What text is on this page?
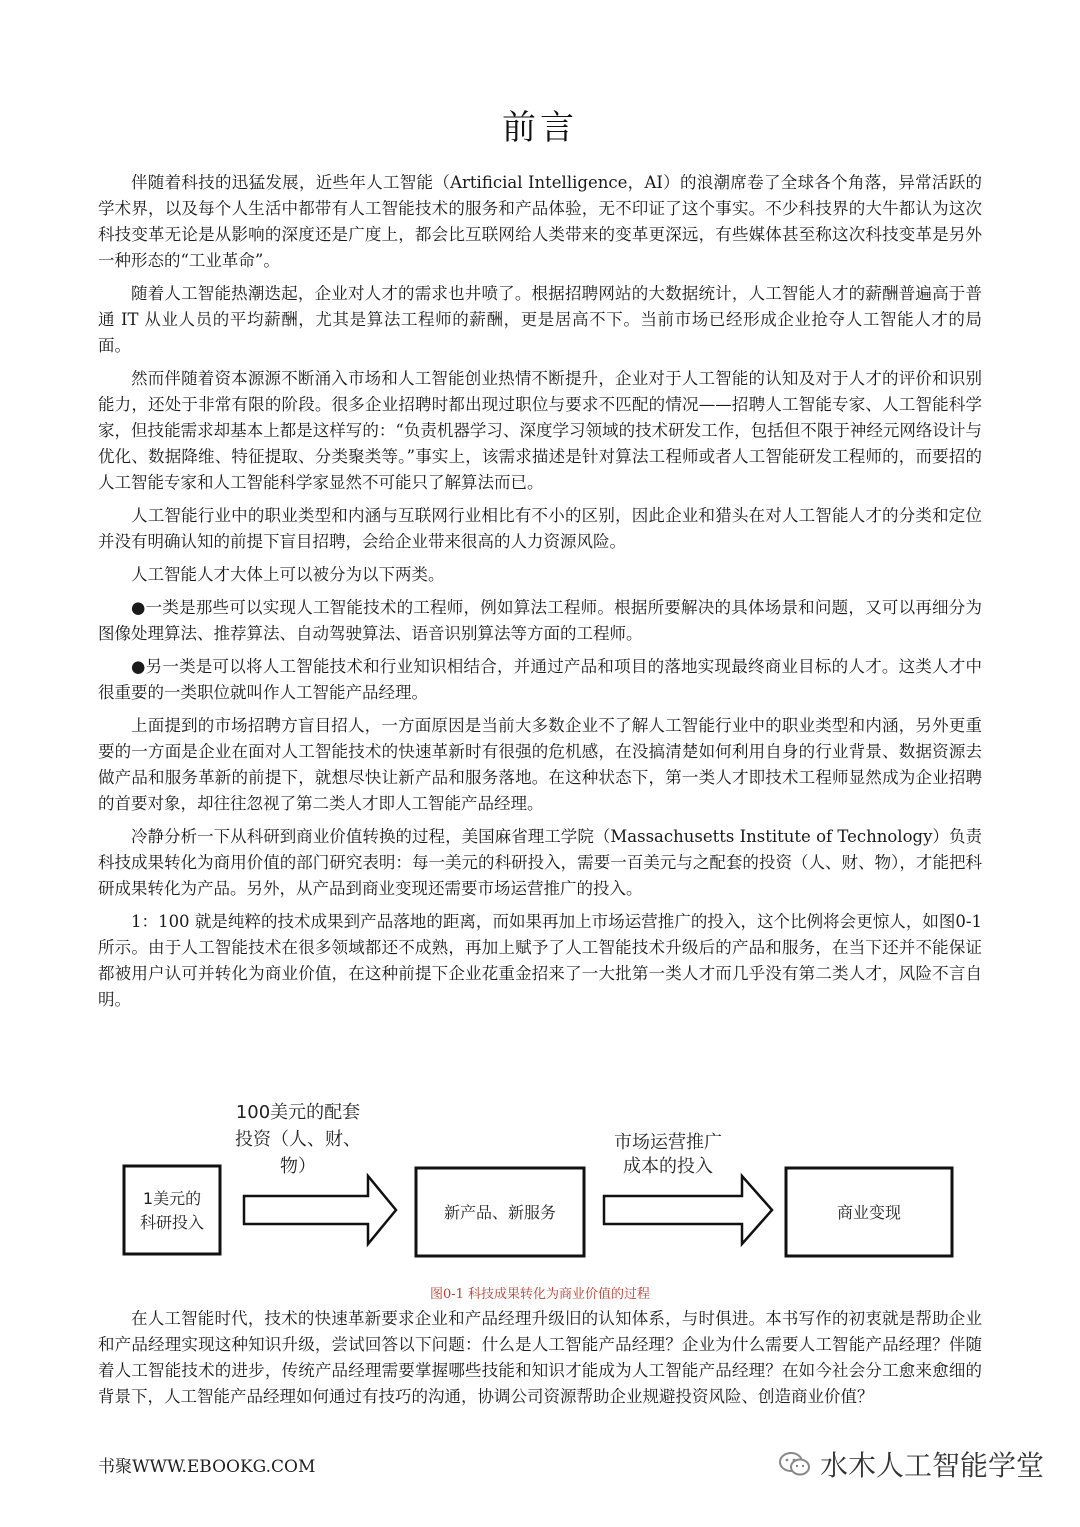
前言

伴随着科技的迅猛发展，近些年人工智能（Artificial Intelligence，AI）的浪潮席卷了全球各个角落，异常活跃的学术界，以及每个人生活中都带有人工智能技术的服务和产品体验，无不印证了这个事实。不少科技界的大牛都认为这次科技变革无论是从影响的深度还是广度上，都会比互联网给人类带来的变革更深远，有些媒体甚至称这次科技变革是另外一种形态的“工业革命”。

随着人工智能热潮迭起，企业对人才的需求也井喷了。根据招聘网站的大数据统计，人工智能人才的薪酬普遍高于普通 IT 从业人员的平均薪酬，尤其是算法工程师的薪酬，更是居高不下。当前市场已经形成企业抢夺人工智能人才的局面。

然而伴随着资本源源不断涌入市场和人工智能创业热情不断提升，企业对于人工智能的认知及对于人才的评价和识别能力，还处于非常有限的阶段。很多企业招聘时都出现过职位与要求不匹配的情况——招聘人工智能专家、人工智能科学家，但技能需求却基本上都是这样写的：“负责机器学习、深度学习领域的技术研发工作，包括但不限于神经元网络设计与优化、数据降维、特征提取、分类聚类等。”事实上，该需求描述是针对算法工程师或者人工智能研发工程师的，而要招的人工智能专家和人工智能科学家显然不可能只了解算法而已。

人工智能行业中的职业类型和内涵与互联网行业相比有不小的区别，因此企业和猎头在对人工智能人才的分类和定位并没有明确认知的前提下盲目招聘，会给企业带来很高的人力资源风险。

人工智能人才大体上可以被分为以下两类。

●一类是那些可以实现人工智能技术的工程师，例如算法工程师。根据所要解决的具体场景和问题，又可以再细分为图像处理算法、推荐算法、自动驾驶算法、语音识别算法等方面的工程师。

●另一类是可以将人工智能技术和行业知识相结合，并通过产品和项目的落地实现最终商业目标的人才。这类人才中很重要的一类职位就叫作人工智能产品经理。

上面提到的市场招聘方盲目招人，一方面原因是当前大多数企业不了解人工智能行业中的职业类型和内涵，另外更重要的一方面是企业在面对人工智能技术的快速革新时有很强的危机感，在没搞清楚如何利用自身的行业背景、数据资源去做产品和服务革新的前提下，就想尽快让新产品和服务落地。在这种状态下，第一类人才即技术工程师显然成为企业招聘的首要对象，却往往忽视了第二类人才即人工智能产品经理。

冷静分析一下从科研到商业价值转换的过程，美国麻省理工学院（Massachusetts Institute of Technology）负责科技成果转化为商用价值的部门研究表明：每一美元的科研投入，需要一百美元与之配套的投资（人、财、物），才能把科研成果转化为产品。另外，从产品到商业变现还需要市场运营推广的投入。

1：100 就是纯粹的技术成果到产品落地的距离，而如果再加上市场运营推广的投入，这个比例将会更惊人，如图0-1所示。由于人工智能技术在很多领域都还不成熟，再加上赋予了人工智能技术升级后的产品和服务，在当下还并不能保证都被用户认可并转化为商业价值，在这种前提下企业花重金招来了一大批第一类人才而几乎没有第二类人才，风险不言自明。

1美元的
科研投入
100美元的配套
投资（人、财、
物）
新产品、新服务
市场运营推广
成本的投入
商业变现
图0-1 科技成果转化为商业价值的过程

在人工智能时代，技术的快速革新要求企业和产品经理升级旧的认知体系，与时俱进。本书写作的初衷就是帮助企业和产品经理实现这种知识升级，尝试回答以下问题：什么是人工智能产品经理？企业为什么需要人工智能产品经理？伴随着人工智能技术的进步，传统产品经理需要掌握哪些技能和知识才能成为人工智能产品经理？在如今社会分工愈来愈细的背景下，人工智能产品经理如何通过有技巧的沟通，协调公司资源帮助企业规避投资风险、创造商业价值？

书聚WWW.EBOOKG.COM	水木人工智能学堂
